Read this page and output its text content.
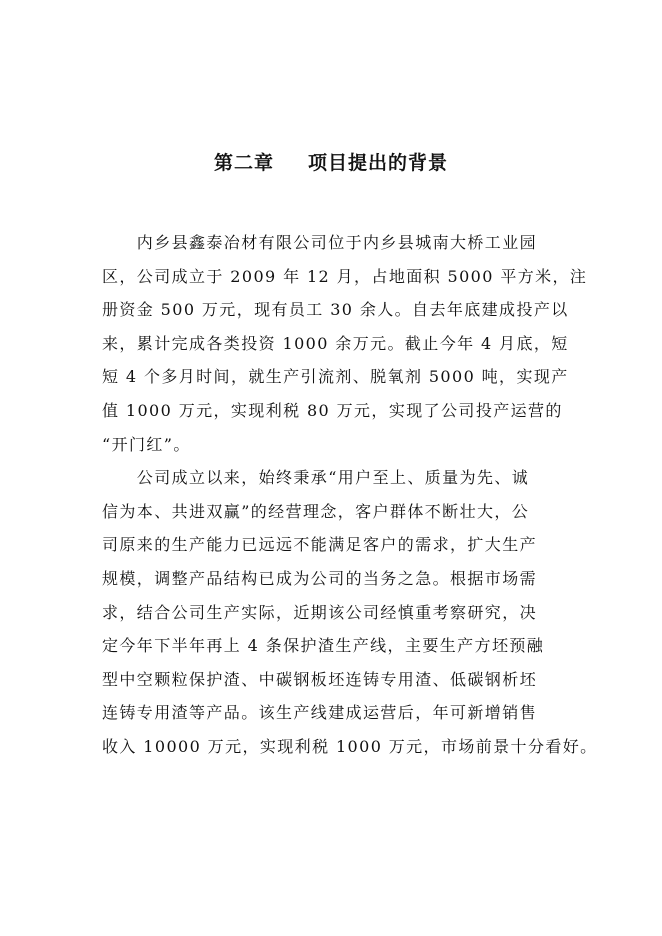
第二章 项目提出的背景
　　内乡县鑫泰冶材有限公司位于内乡县城南大桥工业园
区，公司成立于 2009 年 12 月，占地面积 5000 平方米，注
册资金 500 万元，现有员工 30 余人。自去年底建成投产以
来，累计完成各类投资 1000 余万元。截止今年 4 月底，短
短 4 个多月时间，就生产引流剂、脱氧剂 5000 吨，实现产
值 1000 万元，实现利税 80 万元，实现了公司投产运营的
“开门红”。
　　公司成立以来，始终秉承“用户至上、质量为先、诚
信为本、共进双赢”的经营理念，客户群体不断壮大，公
司原来的生产能力已远远不能满足客户的需求，扩大生产
规模，调整产品结构已成为公司的当务之急。根据市场需
求，结合公司生产实际，近期该公司经慎重考察研究，决
定今年下半年再上 4 条保护渣生产线，主要生产方坯预融
型中空颗粒保护渣、中碳钢板坯连铸专用渣、低碳钢析坯
连铸专用渣等产品。该生产线建成运营后，年可新增销售
收入 10000 万元，实现利税 1000 万元，市场前景十分看好。
